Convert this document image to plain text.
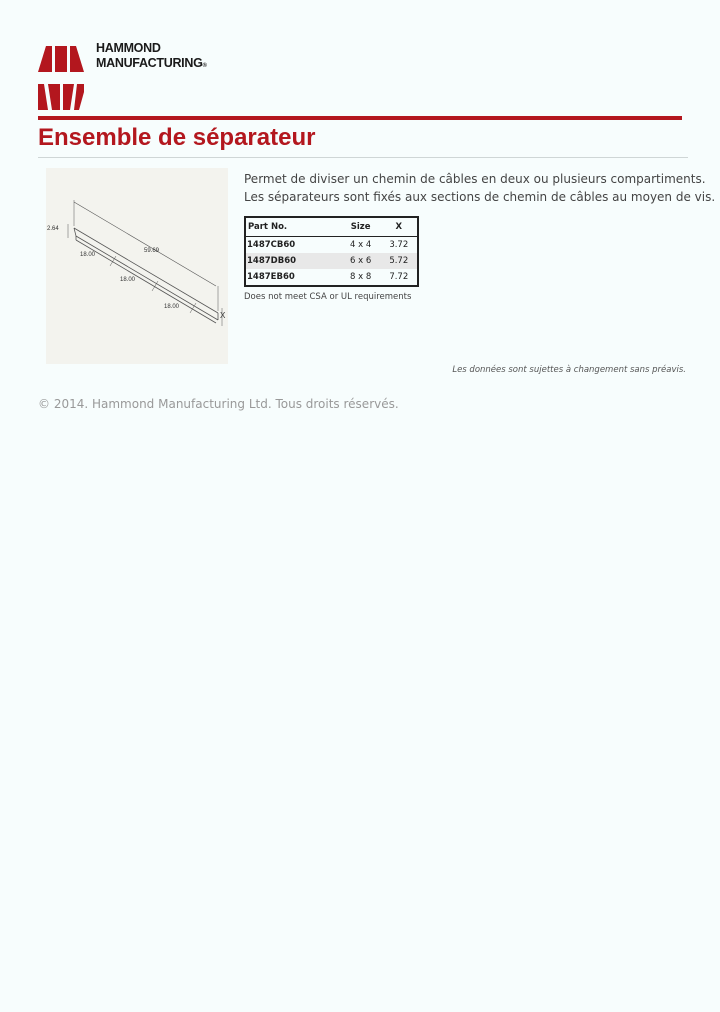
HAMMOND
MANUFACTURING®
Ensemble de séparateur
2.64
59.69
18.00
18.00
18.00
X

Permet de diviser un chemin de câbles en deux ou plusieurs compartiments.

Les séparateurs sont fixés aux sections de chemin de câbles au moyen de vis.

Part No.	Size	X
1487CB60	4 x 4	3.72
1487DB60	6 x 6	5.72
1487EB60	8 x 8	7.72
Does not meet CSA or UL requirements
Les données sont sujettes à changement sans préavis.
© 2014. Hammond Manufacturing Ltd. Tous droits réservés.
